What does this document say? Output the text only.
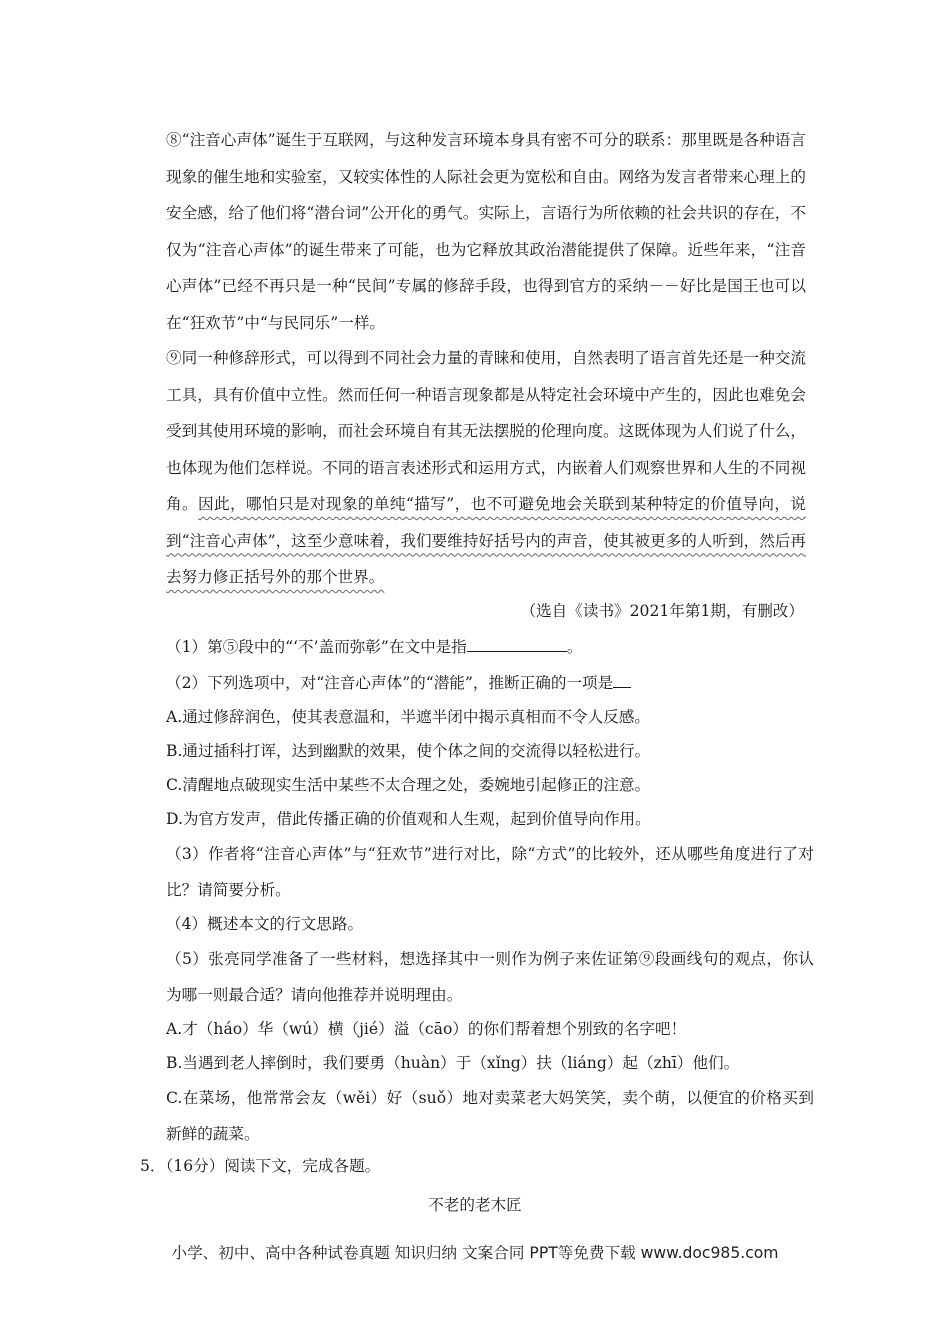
⑧“注音心声体”诞生于互联网，与这种发言环境本身具有密不可分的联系：那里既是各种语言现象的催生地和实验室，又较实体性的人际社会更为宽松和自由。网络为发言者带来心理上的安全感，给了他们将“潜台词”公开化的勇气。实际上，言语行为所依赖的社会共识的存在，不仅为“注音心声体”的诞生带来了可能，也为它释放其政治潜能提供了保障。近些年来，“注音心声体”已经不再只是一种“民间”专属的修辞手段，也得到官方的采纳－－好比是国王也可以在“狂欢节”中“与民同乐”一样。
⑨同一种修辞形式，可以得到不同社会力量的青睐和使用，自然表明了语言首先还是一种交流工具，具有价值中立性。然而任何一种语言现象都是从特定社会环境中产生的，因此也难免会受到其使用环境的影响，而社会环境自有其无法摆脱的伦理向度。这既体现为人们说了什么，也体现为他们怎样说。不同的语言表述形式和运用方式，内嵌着人们观察世界和人生的不同视角。因此，哪怕只是对现象的单纯“描写”，也不可避免地会关联到某种特定的价值导向，说到“注音心声体”，这至少意味着，我们要维持好括号内的声音，使其被更多的人听到，然后再去努力修正括号外的那个世界。
（选自《读书》2021年第1期，有删改）
（1）第⑤段中的“‘不’盖而弥彰”在文中是指	。
（2）下列选项中，对“注音心声体”的“潜能”，推断正确的一项是
A.通过修辞润色，使其表意温和，半遮半闭中揭示真相而不令人反感。
B.通过插科打诨，达到幽默的效果，使个体之间的交流得以轻松进行。
C.清醒地点破现实生活中某些不太合理之处，委婉地引起修正的注意。
D.为官方发声，借此传播正确的价值观和人生观，起到价值导向作用。
（3）作者将“注音心声体”与“狂欢节”进行对比，除“方式”的比较外，还从哪些角度进行了对比？请简要分析。
（4）概述本文的行文思路。
（5）张亮同学准备了一些材料，想选择其中一则作为例子来佐证第⑨段画线句的观点，你认为哪一则最合适？请向他推荐并说明理由。
A.才（háo）华（wú）横（jié）溢（cāo）的你们帮着想个别致的名字吧！
B.当遇到老人摔倒时，我们要勇（huàn）于（xǐng）扶（liáng）起（zhī）他们。
C.在菜场，他常常会友（wěi）好（suǒ）地对卖菜老大妈笑笑，卖个萌，以便宜的价格买到新鲜的蔬菜。
5．（16分）阅读下文，完成各题。
不老的老木匠
小学、初中、高中各种试卷真题 知识归纳 文案合同 PPT等免费下载 www.doc985.com
